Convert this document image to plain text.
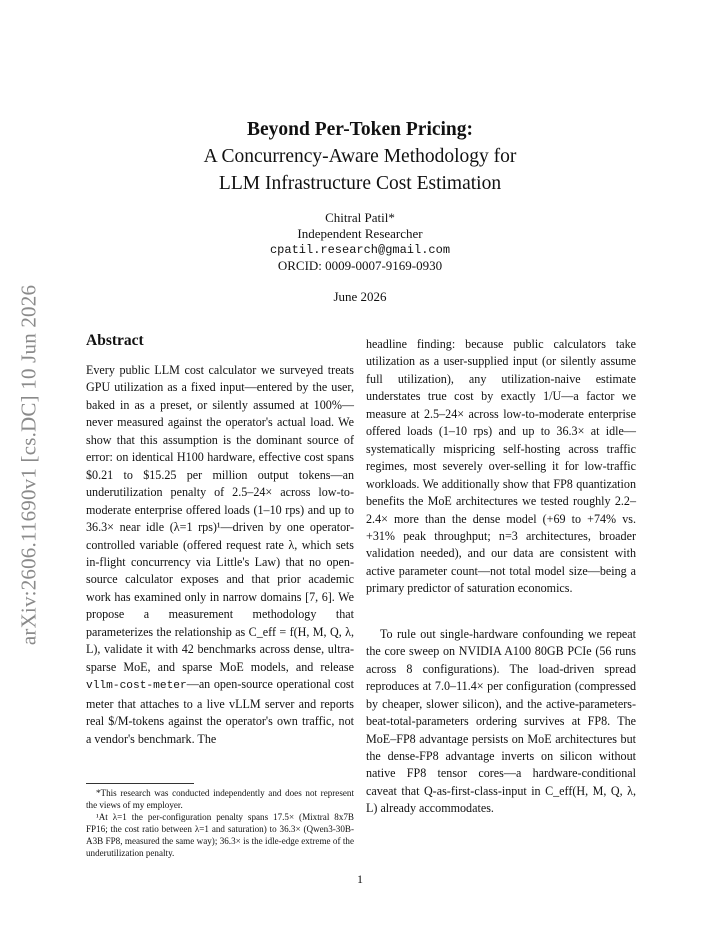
arXiv:2606.11690v1 [cs.DC] 10 Jun 2026
Beyond Per-Token Pricing:
A Concurrency-Aware Methodology for
LLM Infrastructure Cost Estimation
Chitral Patil*
Independent Researcher
cpatil.research@gmail.com
ORCID: 0009-0007-9169-0930
June 2026
Abstract

Every public LLM cost calculator we surveyed treats GPU utilization as a fixed input—entered by the user, baked in as a preset, or silently assumed at 100%—never measured against the operator's actual load. We show that this assumption is the dominant source of error: on identical H100 hardware, effective cost spans $0.21 to $15.25 per million output tokens—an underutilization penalty of 2.5–24× across low-to-moderate enterprise offered loads (1–10 rps) and up to 36.3× near idle (λ=1 rps)¹—driven by one operator-controlled variable (offered request rate λ, which sets in-flight concurrency via Little's Law) that no open-source calculator exposes and that prior academic work has examined only in narrow domains [7, 6]. We propose a measurement methodology that parameterizes the relationship as C_eff = f(H, M, Q, λ, L), validate it with 42 benchmarks across dense, ultra-sparse MoE, and sparse MoE models, and release vllm-cost-meter—an open-source operational cost meter that attaches to a live vLLM server and reports real $/M-tokens against the operator's own traffic, not a vendor's benchmark. The

*This research was conducted independently and does not represent the views of my employer.

¹At λ=1 the per-configuration penalty spans 17.5× (Mixtral 8x7B FP16; the cost ratio between λ=1 and saturation) to 36.3× (Qwen3-30B-A3B FP8, measured the same way); 36.3× is the idle-edge extreme of the underutilization penalty.

headline finding: because public calculators take utilization as a user-supplied input (or silently assume full utilization), any utilization-naive estimate understates true cost by exactly 1/U—a factor we measure at 2.5–24× across low-to-moderate enterprise offered loads (1–10 rps) and up to 36.3× at idle—systematically mispricing self-hosting across traffic regimes, most severely over-selling it for low-traffic workloads. We additionally show that FP8 quantization benefits the MoE architectures we tested roughly 2.2–2.4× more than the dense model (+69 to +74% vs. +31% peak throughput; n=3 architectures, broader validation needed), and our data are consistent with active parameter count—not total model size—being a primary predictor of saturation economics.

To rule out single-hardware confounding we repeat the core sweep on NVIDIA A100 80GB PCIe (56 runs across 8 configurations). The load-driven spread reproduces at 7.0–11.4× per configuration (compressed by cheaper, slower silicon), and the active-parameters-beat-total-parameters ordering survives at FP8. The MoE–FP8 advantage persists on MoE architectures but the dense-FP8 advantage inverts on silicon without native FP8 tensor cores—a hardware-conditional caveat that Q-as-first-class-input in C_eff(H, M, Q, λ, L) already accommodates.

1
